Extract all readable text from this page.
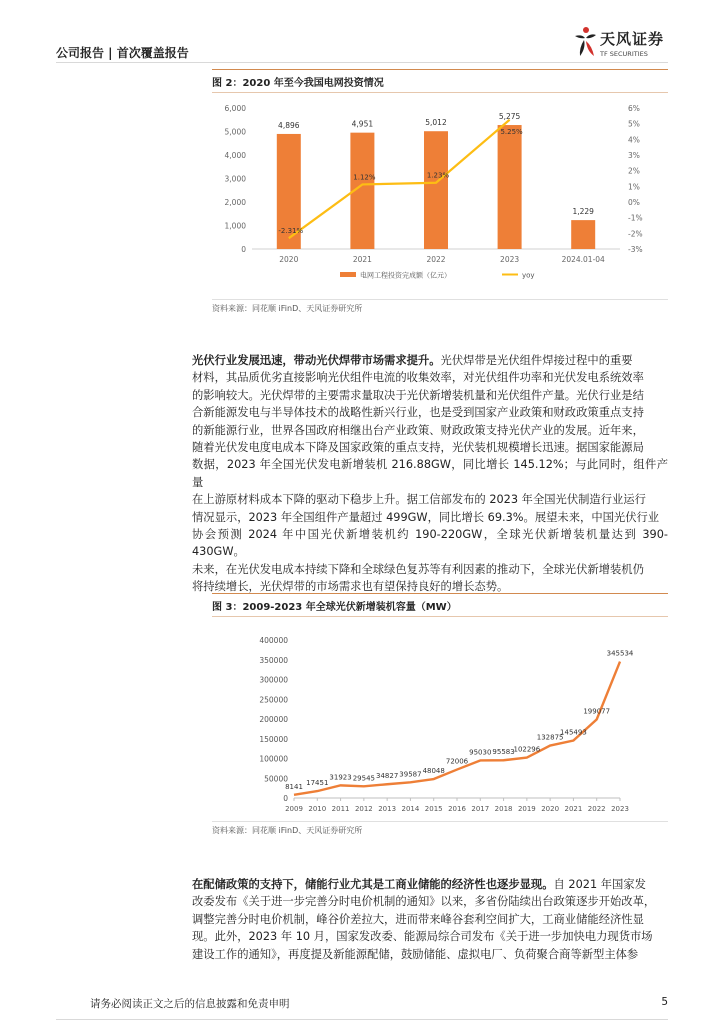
公司报告 | 首次覆盖报告
天风证券
TF SECURITIES
图 2：2020 年至今我国电网投资情况
0
1,000
2,000
3,000
4,000
5,000
6,000
-3%
-2%
-1%
0%
1%
2%
3%
4%
5%
6%
4,896
2020
4,951
2021
5,012
2022
5,275
2023
1,229
2024.01-04
-2.31%
1.12%	1.23%
5.25%
电网工程投资完成额（亿元）	yoy
资料来源：同花顺 iFinD、天风证券研究所
光伏行业发展迅速，带动光伏焊带市场需求提升。光伏焊带是光伏组件焊接过程中的重要
材料，其品质优劣直接影响光伏组件电流的收集效率，对光伏组件功率和光伏发电系统效率
的影响较大。光伏焊带的主要需求量取决于光伏新增装机量和光伏组件产量。光伏行业是结
合新能源发电与半导体技术的战略性新兴行业，也是受到国家产业政策和财政政策重点支持
的新能源行业，世界各国政府相继出台产业政策、财政政策支持光伏产业的发展。近年来，
随着光伏发电度电成本下降及国家政策的重点支持，光伏装机规模增长迅速。据国家能源局
数据，2023 年全国光伏发电新增装机 216.88GW，同比增长 145.12%；与此同时，组件产量
在上游原材料成本下降的驱动下稳步上升。据工信部发布的 2023 年全国光伏制造行业运行
情况显示，2023 年全国组件产量超过 499GW，同比增长 69.3%。展望未来，中国光伏行业
协会预测 2024 年中国光伏新增装机约 190-220GW，全球光伏新增装机量达到 390-430GW。
未来，在光伏发电成本持续下降和全球绿色复苏等有利因素的推动下，全球光伏新增装机仍
将持续增长，光伏焊带的市场需求也有望保持良好的增长态势。
图 3：2009-2023 年全球光伏新增装机容量（MW）
0
50000
100000
150000
200000
250000
300000
350000
400000
2009 2010 2011 2012 2013 2014 2015 2016 2017 2018 2019 2020 2021 2022 2023
8141 17451
31923 29545 34827 39587 48048
72006
95030 95583
102296
132875
145493
199077
345534
资料来源：同花顺 iFinD、天风证券研究所
在配储政策的支持下，储能行业尤其是工商业储能的经济性也逐步显现。自 2021 年国家发
改委发布《关于进一步完善分时电价机制的通知》以来，多省份陆续出台政策逐步开始改革，
调整完善分时电价机制，峰谷价差拉大，进而带来峰谷套利空间扩大，工商业储能经济性显
现。此外，2023 年 10 月，国家发改委、能源局综合司发布《关于进一步加快电力现货市场
建设工作的通知》，再度提及新能源配储，鼓励储能、虚拟电厂、负荷聚合商等新型主体参
请务必阅读正文之后的信息披露和免责申明	5
